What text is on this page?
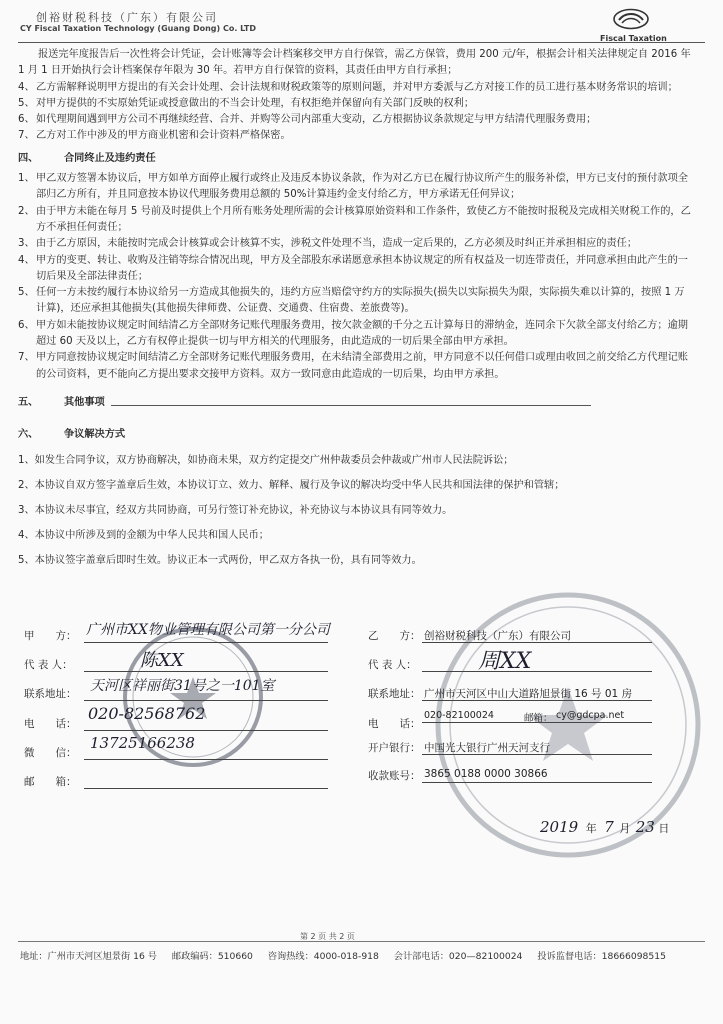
创裕财税科技（广东）有限公司
CY Fiscal Taxation Technology (Guang Dong) Co. LTD
Fiscal Taxation

报送完年度报告后一次性将会计凭证，会计账簿等会计档案移交甲方自行保管，需乙方保管，费用 200 元/年，根据会计相关法律规定自 2016 年 1 月 1 日开始执行会计档案保存年限为 30 年。若甲方自行保管的资料，其责任由甲方自行承担；

4、 乙方需解释说明甲方提出的有关会计处理、会计法规和财税政策等的原则问题，并对甲方委派与乙方对接工作的员工进行基本财务常识的培训；

5、 对甲方提供的不实原始凭证或授意做出的不当会计处理，有权拒绝并保留向有关部门反映的权利；

6、 如代理期间遇到甲方公司不再继续经营、合并、并购等公司内部重大变动，乙方根据协议条款规定与甲方结清代理服务费用；

7、 乙方对工作中涉及的甲方商业机密和会计资料严格保密。

四、	合同终止及违约责任

1、 甲乙双方签署本协议后，甲方如单方面停止履行或终止及违反本协议条款，作为对乙方已在履行协议所产生的服务补偿，甲方已支付的预付款项全部归乙方所有，并且同意按本协议代理服务费用总额的 50%计算违约金支付给乙方，甲方承诺无任何异议；

2、 由于甲方未能在每月 5 号前及时提供上个月所有账务处理所需的会计核算原始资料和工作条件，致使乙方不能按时报税及完成相关财税工作的，乙方不承担任何责任；

3、 由于乙方原因，未能按时完成会计核算或会计核算不实，涉税文件处理不当，造成一定后果的，乙方必须及时纠正并承担相应的责任；

4、 甲方的变更、转让、收购及注销等综合情况出现，甲方及全部股东承诺愿意承担本协议规定的所有权益及一切连带责任，并同意承担由此产生的一切后果及全部法律责任；

5、 任何一方未按约履行本协议给另一方造成其他损失的，违约方应当赔偿守约方的实际损失(损失以实际损失为限，实际损失难以计算的，按照 1 万计算)，还应承担其他损失(其他损失律师费、公证费、交通费、住宿费、差旅费等)。

6、 甲方如未能按协议规定时间结清乙方全部财务记账代理服务费用，按欠款金额的千分之五计算每日的滞纳金，连同余下欠款全部支付给乙方；逾期超过 60 天及以上，乙方有权停止提供一切与甲方相关的代理服务，由此造成的一切后果全部由甲方承担。

7、 甲方同意按协议规定时间结清乙方全部财务记账代理服务费用，在未结清全部费用之前，甲方同意不以任何借口或理由收回之前交给乙方代理记账的公司资料，更不能向乙方提出要求交接甲方资料。双方一致同意由此造成的一切后果，均由甲方承担。

五、	其他事项
六、	争议解决方式

1、如发生合同争议，双方协商解决，如协商未果，双方约定提交广州仲裁委员会仲裁或广州市人民法院诉讼；

2、本协议自双方签字盖章后生效，本协议订立、效力、解释、履行及争议的解决均受中华人民共和国法律的保护和管辖；

3、本协议未尽事宜，经双方共同协商，可另行签订补充协议，补充协议与本协议具有同等效力。

4、本协议中所涉及到的金额为中华人民共和国人民币；

5、本协议签字盖章后即时生效。协议正本一式两份，甲乙双方各执一份，具有同等效力。

甲　　方： 广州市XX物业管理有限公司第一分公司
代 表 人：	陈XX
联系地址： 天河区祥丽街31号之一101室
电　　话：
020-82568762
微　　信：
13725166238
邮　　箱：
乙　　方： 创裕财税科技（广东）有限公司
代 表 人：	周XX
联系地址： 广州市天河区中山大道路旭景街 16 号 01 房
电　　话：
020-82100024	邮箱： cy@gdcpa.net
开户银行： 中国光大银行广州天河支行
收款账号： 3865 0188 0000 30866
2019 年 7 月 23 日
第 2 页 共 2 页
地址：广州市天河区旭景街 16 号 邮政编码：510660 咨询热线：4000-018-918 会计部电话：020—82100024 投诉监督电话：18666098515
